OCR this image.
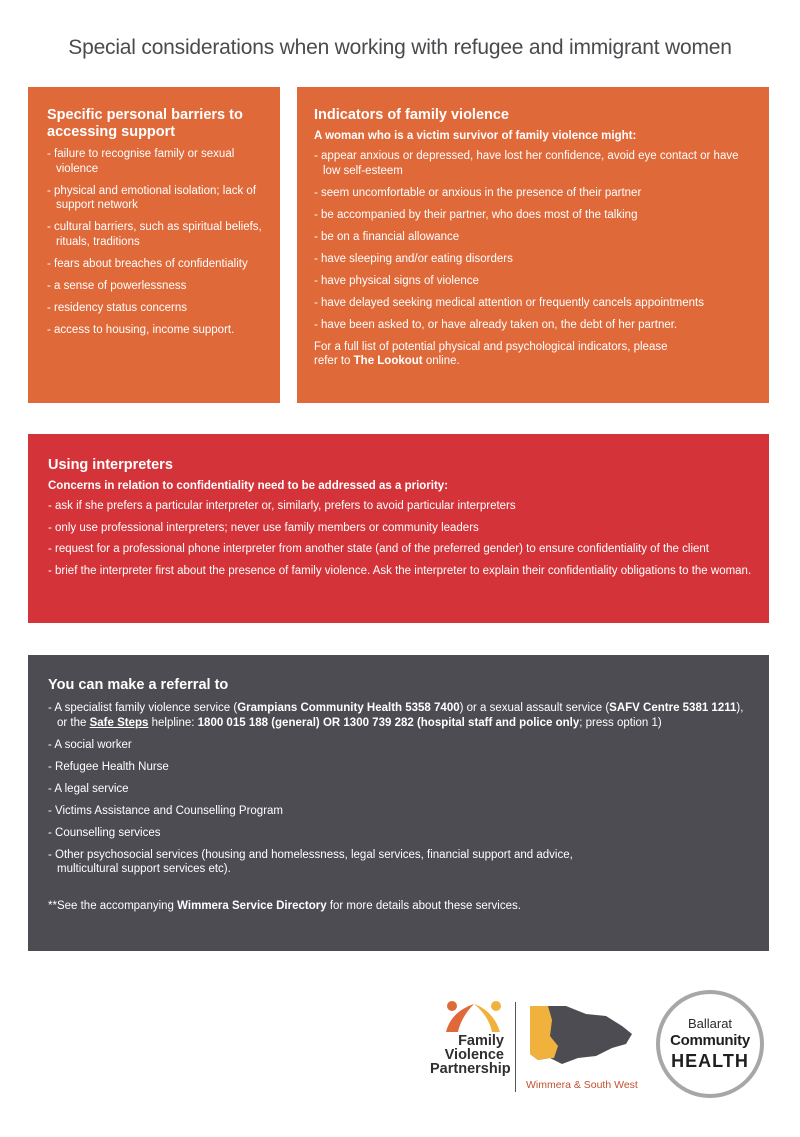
Special considerations when working with refugee and immigrant women
Specific personal barriers to accessing support
- failure to recognise family or sexual violence
- physical and emotional isolation; lack of support network
- cultural barriers, such as spiritual beliefs, rituals, traditions
- fears about breaches of confidentiality
- a sense of powerlessness
- residency status concerns
- access to housing, income support.
Indicators of family violence

A woman who is a victim survivor of family violence might:

- appear anxious or depressed, have lost her confidence, avoid eye contact or have low self-esteem
- seem uncomfortable or anxious in the presence of their partner
- be accompanied by their partner, who does most of the talking
- be on a financial allowance
- have sleeping and/or eating disorders
- have physical signs of violence
- have delayed seeking medical attention or frequently cancels appointments
- have been asked to, or have already taken on, the debt of her partner.

For a full list of potential physical and psychological indicators, please refer to The Lookout online.

Using interpreters

Concerns in relation to confidentiality need to be addressed as a priority:

- ask if she prefers a particular interpreter or, similarly, prefers to avoid particular interpreters
- only use professional interpreters; never use family members or community leaders
- request for a professional phone interpreter from another state (and of the preferred gender) to ensure confidentiality of the client
- brief the interpreter first about the presence of family violence. Ask the interpreter to explain their confidentiality obligations to the woman.
You can make a referral to
- A specialist family violence service (Grampians Community Health 5358 7400) or a sexual assault service (SAFV Centre 5381 1211), or the Safe Steps helpline: 1800 015 188 (general) OR 1300 739 282 (hospital staff and police only; press option 1)
- A social worker
- Refugee Health Nurse
- A legal service
- Victims Assistance and Counselling Program
- Counselling services
- Other psychosocial services (housing and homelessness, legal services, financial support and advice, multicultural support services etc).

**See the accompanying Wimmera Service Directory for more details about these services.

Family
Violence
Partnership
Wimmera & South West
Ballarat
Community
HEALTH
